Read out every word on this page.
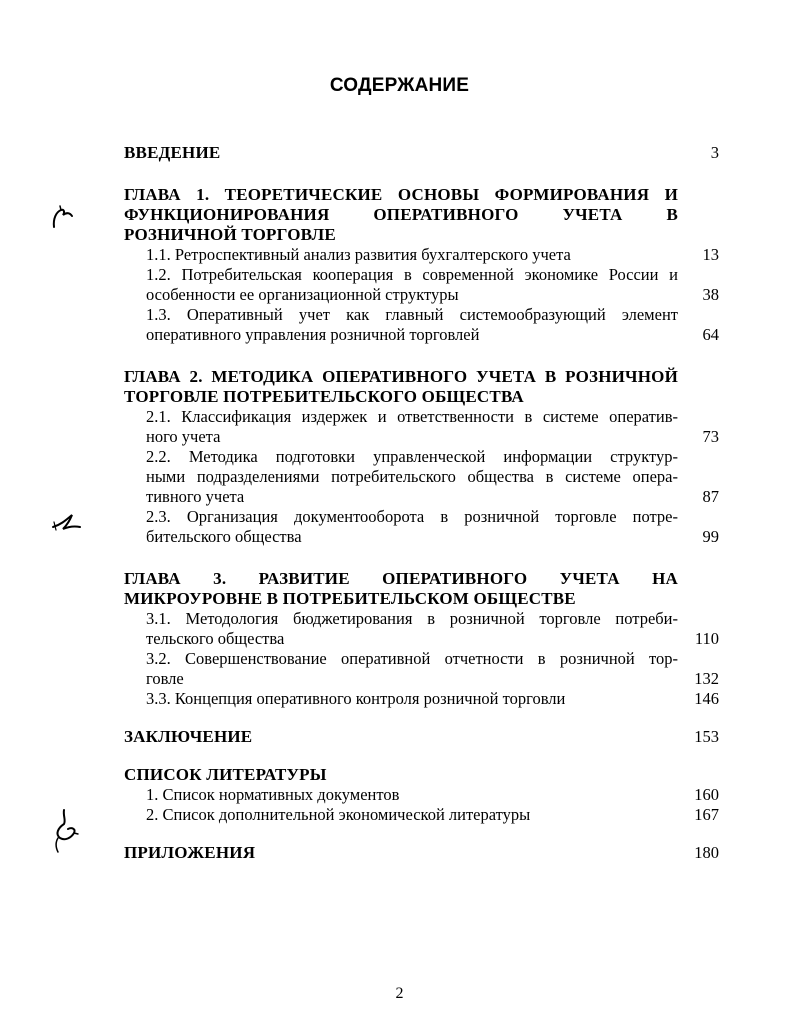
СОДЕРЖАНИЕ
ВВЕДЕНИЕ	3
ГЛАВА 1. ТЕОРЕТИЧЕСКИЕ ОСНОВЫ ФОРМИРОВАНИЯ И
ФУНКЦИОНИРОВАНИЯ ОПЕРАТИВНОГО УЧЕТА В
РОЗНИЧНОЙ ТОРГОВЛЕ
1.1. Ретроспективный анализ развития бухгалтерского учета	13
1.2. Потребительская кооперация в современной экономике России и
особенности ее организационной структуры	38
1.3. Оперативный учет как главный системообразующий элемент
оперативного управления розничной торговлей	64
ГЛАВА 2. МЕТОДИКА ОПЕРАТИВНОГО УЧЕТА В РОЗНИЧНОЙ
ТОРГОВЛЕ ПОТРЕБИТЕЛЬСКОГО ОБЩЕСТВА
2.1. Классификация издержек и ответственности в системе оператив-
ного учета	73
2.2. Методика подготовки управленческой информации структур-
ными подразделениями потребительского общества в системе опера-
тивного учета	87
2.3. Организация документооборота в розничной торговле потре-
бительского общества	99
ГЛАВА 3. РАЗВИТИЕ ОПЕРАТИВНОГО УЧЕТА НА
МИКРОУРОВНЕ В ПОТРЕБИТЕЛЬСКОМ ОБЩЕСТВЕ
3.1. Методология бюджетирования в розничной торговле потреби-
тельского общества	110
3.2. Совершенствование оперативной отчетности в розничной тор-
говле	132
3.3. Концепция оперативного контроля розничной торговли	146
ЗАКЛЮЧЕНИЕ	153
СПИСОК ЛИТЕРАТУРЫ
1. Список нормативных документов	160
2. Список дополнительной экономической литературы	167
ПРИЛОЖЕНИЯ	180
2
